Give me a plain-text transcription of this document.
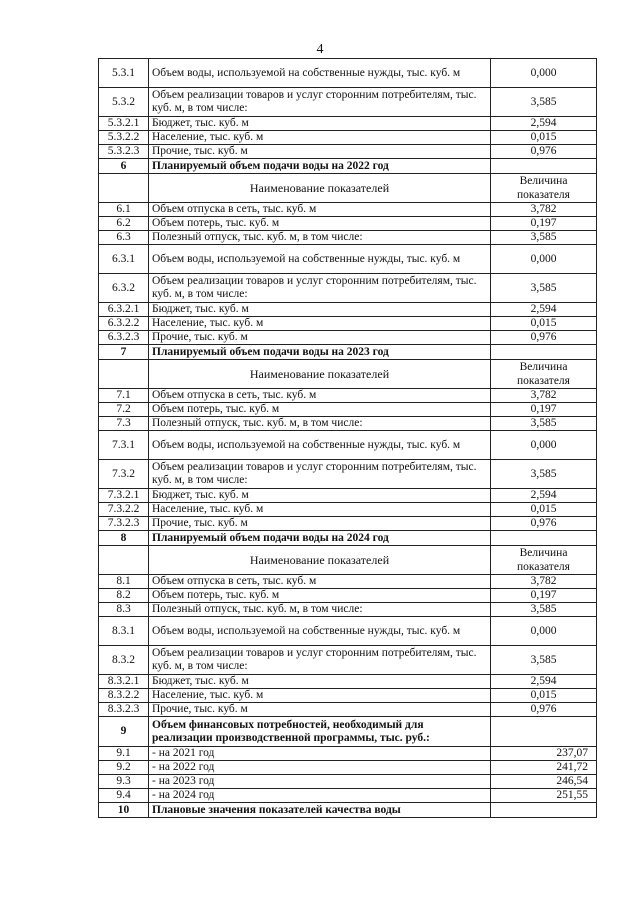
4
5.3.1	Объем воды, используемой на собственные нужды, тыс. куб. м	0,000
5.3.2	Объем реализации товаров и услуг сторонним потребителям, тыс. куб. м, в том числе:	3,585
5.3.2.1	Бюджет, тыс. куб. м	2,594
5.3.2.2	Население, тыс. куб. м	0,015
5.3.2.3	Прочие, тыс. куб. м	0,976
6	Планируемый объем подачи воды на 2022 год	
	Наименование показателей	Величина показателя
6.1	Объем отпуска в сеть, тыс. куб. м	3,782
6.2	Объем потерь, тыс. куб. м	0,197
6.3	Полезный отпуск, тыс. куб. м, в том числе:	3,585
6.3.1	Объем воды, используемой на собственные нужды, тыс. куб. м	0,000
6.3.2	Объем реализации товаров и услуг сторонним потребителям, тыс. куб. м, в том числе:	3,585
6.3.2.1	Бюджет, тыс. куб. м	2,594
6.3.2.2	Население, тыс. куб. м	0,015
6.3.2.3	Прочие, тыс. куб. м	0,976
7	Планируемый объем подачи воды на 2023 год	
	Наименование показателей	Величина показателя
7.1	Объем отпуска в сеть, тыс. куб. м	3,782
7.2	Объем потерь, тыс. куб. м	0,197
7.3	Полезный отпуск, тыс. куб. м, в том числе:	3,585
7.3.1	Объем воды, используемой на собственные нужды, тыс. куб. м	0,000
7.3.2	Объем реализации товаров и услуг сторонним потребителям, тыс. куб. м, в том числе:	3,585
7.3.2.1	Бюджет, тыс. куб. м	2,594
7.3.2.2	Население, тыс. куб. м	0,015
7.3.2.3	Прочие, тыс. куб. м	0,976
8	Планируемый объем подачи воды на 2024 год	
	Наименование показателей	Величина показателя
8.1	Объем отпуска в сеть, тыс. куб. м	3,782
8.2	Объем потерь, тыс. куб. м	0,197
8.3	Полезный отпуск, тыс. куб. м, в том числе:	3,585
8.3.1	Объем воды, используемой на собственные нужды, тыс. куб. м	0,000
8.3.2	Объем реализации товаров и услуг сторонним потребителям, тыс. куб. м, в том числе:	3,585
8.3.2.1	Бюджет, тыс. куб. м	2,594
8.3.2.2	Население, тыс. куб. м	0,015
8.3.2.3	Прочие, тыс. куб. м	0,976
9	Объем финансовых потребностей, необходимый для реализации производственной программы, тыс. руб.:	
9.1	- на 2021 год	237,07
9.2	- на 2022 год	241,72
9.3	- на 2023 год	246,54
9.4	- на 2024 год	251,55
10	Плановые значения показателей качества воды	
